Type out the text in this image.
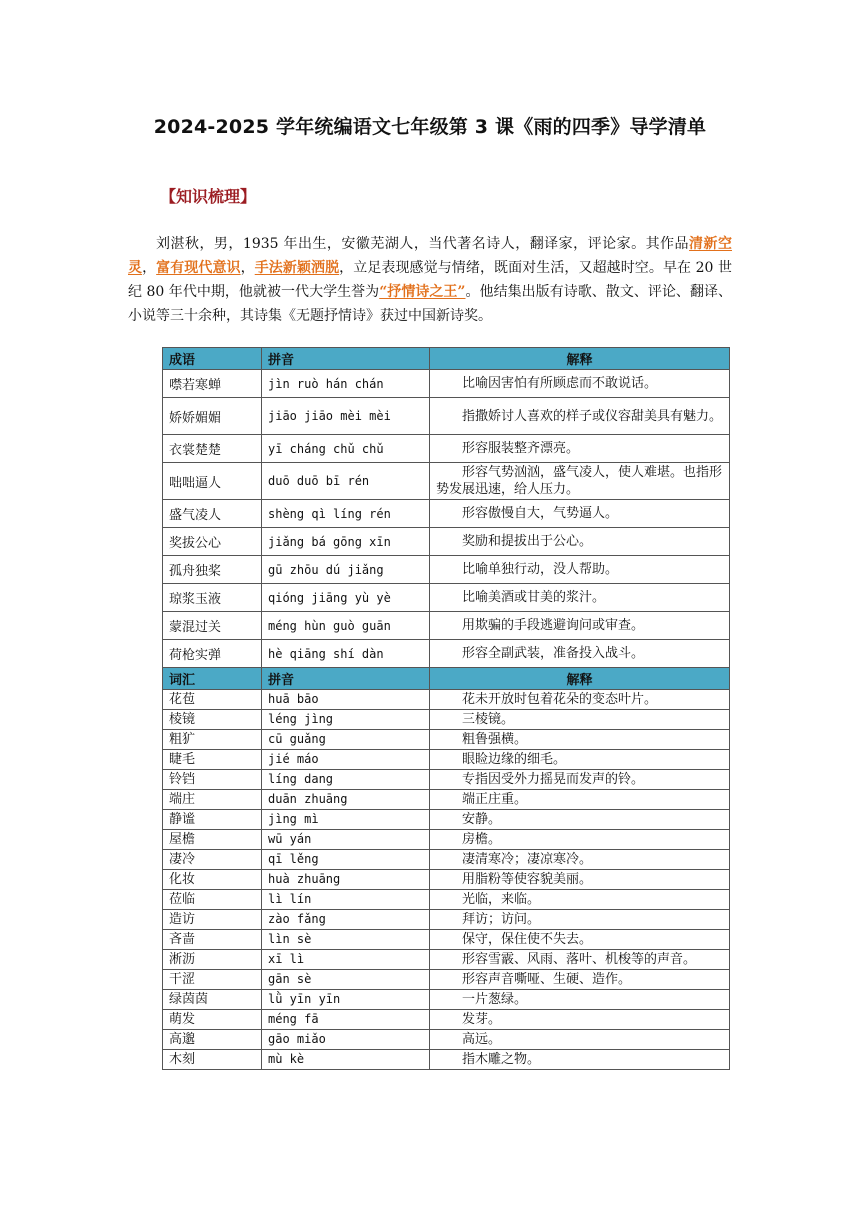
2024-2025 学年统编语文七年级第 3 课《雨的四季》导学清单
【知识梳理】

刘湛秋，男，1935 年出生，安徽芜湖人，当代著名诗人，翻译家，评论家。其作品清新空灵，富有现代意识，手法新颖洒脱，立足表现感觉与情绪，既面对生活，又超越时空。早在 20 世纪 80 年代中期，他就被一代大学生誉为“抒情诗之王”。他结集出版有诗歌、散文、评论、翻译、小说等三十余种，其诗集《无题抒情诗》获过中国新诗奖。

成语	拼音	解释
噤若寒蝉	jìn ruò hán chán	比喻因害怕有所顾虑而不敢说话。
娇娇媚媚	jiāo jiāo mèi mèi	指撒娇讨人喜欢的样子或仪容甜美具有魅力。
衣裳楚楚	yī cháng chǔ chǔ	形容服装整齐漂亮。
咄咄逼人	duō duō bī rén	形容气势汹汹，盛气凌人，使人难堪。也指形势发展迅速，给人压力。
盛气凌人	shèng qì líng rén	形容傲慢自大，气势逼人。
奖拔公心	jiǎng bá gōng xīn	奖励和提拔出于公心。
孤舟独桨	gū zhōu dú jiǎng	比喻单独行动，没人帮助。
琼浆玉液	qióng jiāng yù yè	比喻美酒或甘美的浆汁。
蒙混过关	méng hùn guò guān	用欺骗的手段逃避询问或审查。
荷枪实弹	hè qiāng shí dàn	形容全副武装，准备投入战斗。
词汇	拼音	解释
花苞	huā bāo	花未开放时包着花朵的变态叶片。
棱镜	léng jìng	三棱镜。
粗犷	cū guǎng	粗鲁强横。
睫毛	jié máo	眼睑边缘的细毛。
铃铛	líng dang	专指因受外力摇晃而发声的铃。
端庄	duān zhuāng	端正庄重。
静谧	jìng mì	安静。
屋檐	wū yán	房檐。
凄冷	qī lěng	凄清寒冷；凄凉寒冷。
化妆	huà zhuāng	用脂粉等使容貌美丽。
莅临	lì lín	光临，来临。
造访	zào fǎng	拜访；访问。
吝啬	lìn sè	保守，保住使不失去。
淅沥	xī lì	形容雪霰、风雨、落叶、机梭等的声音。
干涩	gān sè	形容声音嘶哑、生硬、造作。
绿茵茵	lǜ yīn yīn	一片葱绿。
萌发	méng fā	发芽。
高邈	gāo miǎo	高远。
木刻	mù kè	指木雕之物。
